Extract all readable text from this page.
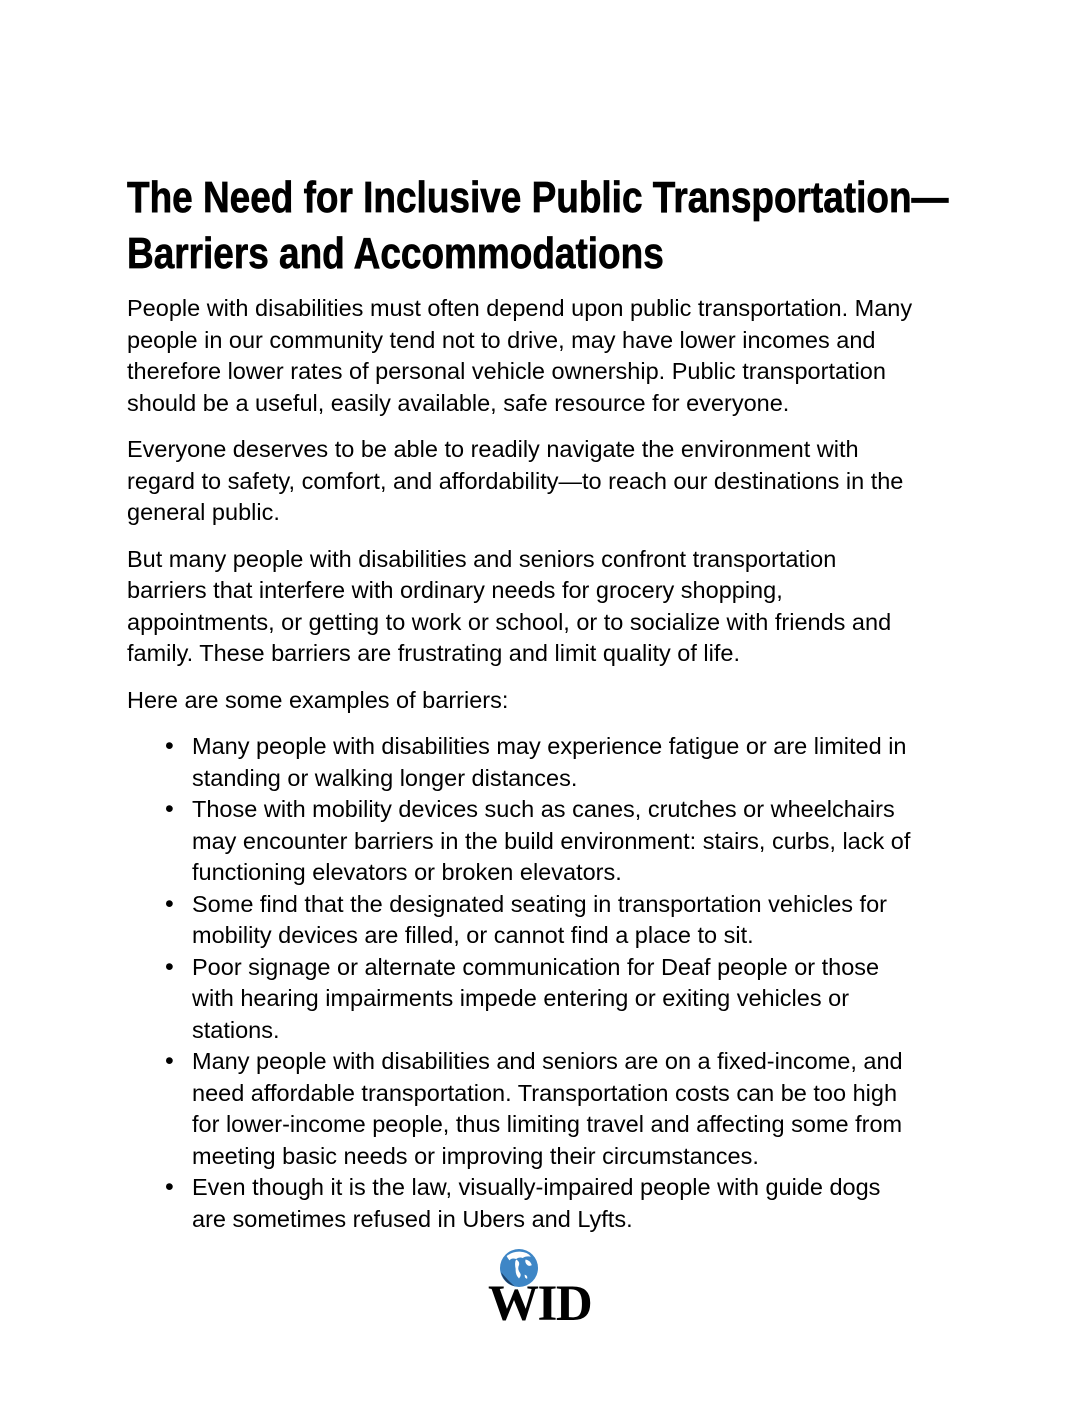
The Need for Inclusive Public Transportation—
Barriers and Accommodations

People with disabilities must often depend upon public transportation. Many
people in our community tend not to drive, may have lower incomes and
therefore lower rates of personal vehicle ownership. Public transportation
should be a useful, easily available, safe resource for everyone.

Everyone deserves to be able to readily navigate the environment with
regard to safety, comfort, and affordability—to reach our destinations in the
general public.

But many people with disabilities and seniors confront transportation
barriers that interfere with ordinary needs for grocery shopping,
appointments, or getting to work or school, or to socialize with friends and
family. These barriers are frustrating and limit quality of life.

Here are some examples of barriers:

• Many people with disabilities may experience fatigue or are limited in
standing or walking longer distances.
• Those with mobility devices such as canes, crutches or wheelchairs
may encounter barriers in the build environment: stairs, curbs, lack of
functioning elevators or broken elevators.
• Some find that the designated seating in transportation vehicles for
mobility devices are filled, or cannot find a place to sit.
• Poor signage or alternate communication for Deaf people or those
with hearing impairments impede entering or exiting vehicles or
stations.
• Many people with disabilities and seniors are on a fixed-income, and
need affordable transportation. Transportation costs can be too high
for lower-income people, thus limiting travel and affecting some from
meeting basic needs or improving their circumstances.
• Even though it is the law, visually-impaired people with guide dogs
are sometimes refused in Ubers and Lyfts.
WID
